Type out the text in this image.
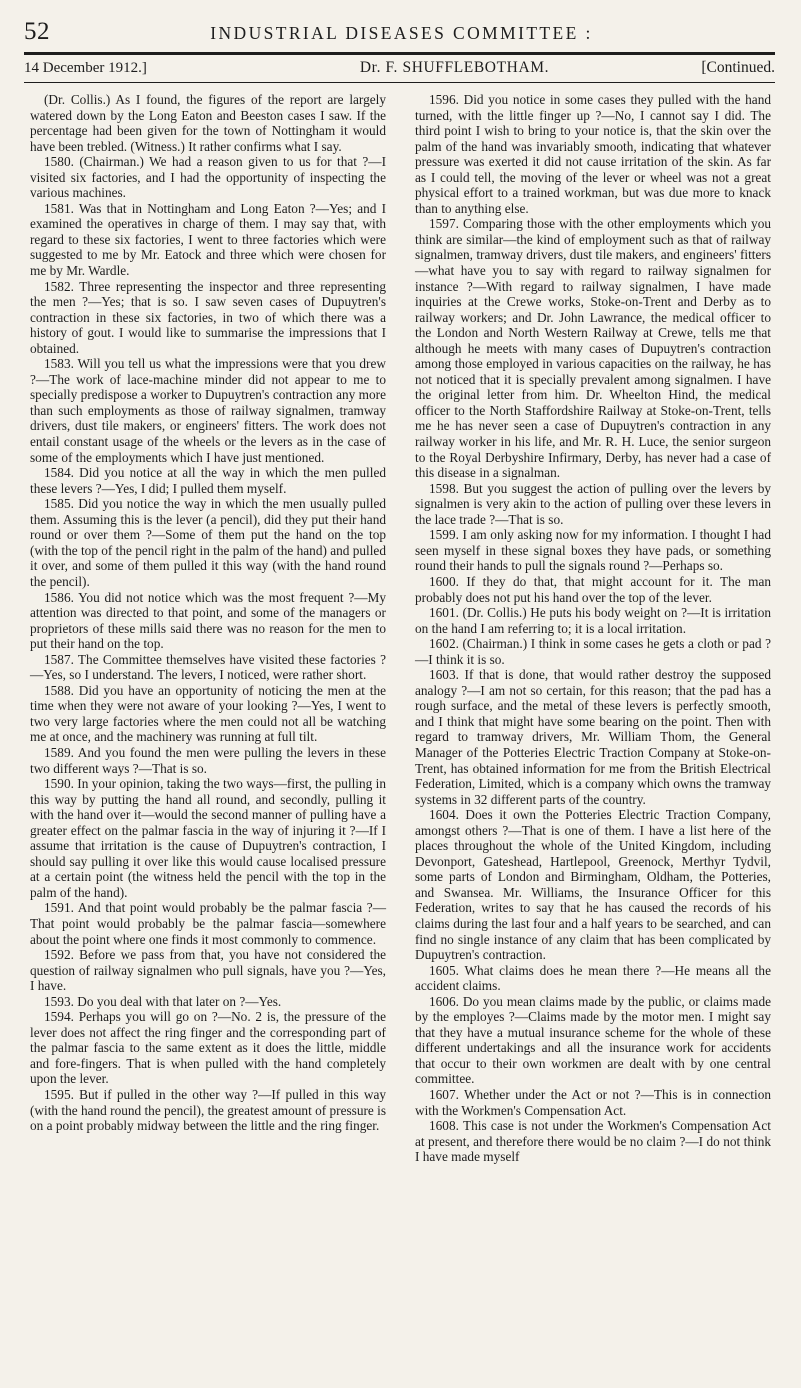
52	INDUSTRIAL DISEASES COMMITTEE :
14 December 1912.]	Dr. F. SHUFFLEBOTHAM.	[Continued.

(Dr. Collis.) As I found, the figures of the report are largely watered down by the Long Eaton and Beeston cases I saw. If the percentage had been given for the town of Nottingham it would have been trebled. (Witness.) It rather confirms what I say.

1580. (Chairman.) We had a reason given to us for that ?—I visited six factories, and I had the opportunity of inspecting the various machines.

1581. Was that in Nottingham and Long Eaton ?—Yes; and I examined the operatives in charge of them. I may say that, with regard to these six factories, I went to three factories which were suggested to me by Mr. Eatock and three which were chosen for me by Mr. Wardle.

1582. Three representing the inspector and three representing the men ?—Yes; that is so. I saw seven cases of Dupuytren's contraction in these six factories, in two of which there was a history of gout. I would like to summarise the impressions that I obtained.

1583. Will you tell us what the impressions were that you drew ?—The work of lace-machine minder did not appear to me to specially predispose a worker to Dupuytren's contraction any more than such employments as those of railway signalmen, tramway drivers, dust tile makers, or engineers' fitters. The work does not entail constant usage of the wheels or the levers as in the case of some of the employments which I have just mentioned.

1584. Did you notice at all the way in which the men pulled these levers ?—Yes, I did; I pulled them myself.

1585. Did you notice the way in which the men usually pulled them. Assuming this is the lever (a pencil), did they put their hand round or over them ?—Some of them put the hand on the top (with the top of the pencil right in the palm of the hand) and pulled it over, and some of them pulled it this way (with the hand round the pencil).

1586. You did not notice which was the most frequent ?—My attention was directed to that point, and some of the managers or proprietors of these mills said there was no reason for the men to put their hand on the top.

1587. The Committee themselves have visited these factories ?—Yes, so I understand. The levers, I noticed, were rather short.

1588. Did you have an opportunity of noticing the men at the time when they were not aware of your looking ?—Yes, I went to two very large factories where the men could not all be watching me at once, and the machinery was running at full tilt.

1589. And you found the men were pulling the levers in these two different ways ?—That is so.

1590. In your opinion, taking the two ways—first, the pulling in this way by putting the hand all round, and secondly, pulling it with the hand over it—would the second manner of pulling have a greater effect on the palmar fascia in the way of injuring it ?—If I assume that irritation is the cause of Dupuytren's contraction, I should say pulling it over like this would cause localised pressure at a certain point (the witness held the pencil with the top in the palm of the hand).

1591. And that point would probably be the palmar fascia ?—That point would probably be the palmar fascia—somewhere about the point where one finds it most commonly to commence.

1592. Before we pass from that, you have not considered the question of railway signalmen who pull signals, have you ?—Yes, I have.

1593. Do you deal with that later on ?—Yes.

1594. Perhaps you will go on ?—No. 2 is, the pressure of the lever does not affect the ring finger and the corresponding part of the palmar fascia to the same extent as it does the little, middle and fore-fingers. That is when pulled with the hand completely upon the lever.

1595. But if pulled in the other way ?—If pulled in this way (with the hand round the pencil), the greatest amount of pressure is on a point probably midway between the little and the ring finger.

1596. Did you notice in some cases they pulled with the hand turned, with the little finger up ?—No, I cannot say I did. The third point I wish to bring to your notice is, that the skin over the palm of the hand was invariably smooth, indicating that whatever pressure was exerted it did not cause irritation of the skin. As far as I could tell, the moving of the lever or wheel was not a great physical effort to a trained workman, but was due more to knack than to anything else.

1597. Comparing those with the other employments which you think are similar—the kind of employment such as that of railway signalmen, tramway drivers, dust tile makers, and engineers' fitters—what have you to say with regard to railway signalmen for instance ?—With regard to railway signalmen, I have made inquiries at the Crewe works, Stoke-on-Trent and Derby as to railway workers; and Dr. John Lawrance, the medical officer to the London and North Western Railway at Crewe, tells me that although he meets with many cases of Dupuytren's contraction among those employed in various capacities on the railway, he has not noticed that it is specially prevalent among signalmen. I have the original letter from him. Dr. Wheelton Hind, the medical officer to the North Staffordshire Railway at Stoke-on-Trent, tells me he has never seen a case of Dupuytren's contraction in any railway worker in his life, and Mr. R. H. Luce, the senior surgeon to the Royal Derbyshire Infirmary, Derby, has never had a case of this disease in a signalman.

1598. But you suggest the action of pulling over the levers by signalmen is very akin to the action of pulling over these levers in the lace trade ?—That is so.

1599. I am only asking now for my information. I thought I had seen myself in these signal boxes they have pads, or something round their hands to pull the signals round ?—Perhaps so.

1600. If they do that, that might account for it. The man probably does not put his hand over the top of the lever.

1601. (Dr. Collis.) He puts his body weight on ?—It is irritation on the hand I am referring to; it is a local irritation.

1602. (Chairman.) I think in some cases he gets a cloth or pad ?—I think it is so.

1603. If that is done, that would rather destroy the supposed analogy ?—I am not so certain, for this reason; that the pad has a rough surface, and the metal of these levers is perfectly smooth, and I think that might have some bearing on the point. Then with regard to tramway drivers, Mr. William Thom, the General Manager of the Potteries Electric Traction Company at Stoke-on-Trent, has obtained information for me from the British Electrical Federation, Limited, which is a company which owns the tramway systems in 32 different parts of the country.

1604. Does it own the Potteries Electric Traction Company, amongst others ?—That is one of them. I have a list here of the places throughout the whole of the United Kingdom, including Devonport, Gateshead, Hartlepool, Greenock, Merthyr Tydvil, some parts of London and Birmingham, Oldham, the Potteries, and Swansea. Mr. Williams, the Insurance Officer for this Federation, writes to say that he has caused the records of his claims during the last four and a half years to be searched, and can find no single instance of any claim that has been complicated by Dupuytren's contraction.

1605. What claims does he mean there ?—He means all the accident claims.

1606. Do you mean claims made by the public, or claims made by the employes ?—Claims made by the motor men. I might say that they have a mutual insurance scheme for the whole of these different undertakings and all the insurance work for accidents that occur to their own workmen are dealt with by one central committee.

1607. Whether under the Act or not ?—This is in connection with the Workmen's Compensation Act.

1608. This case is not under the Workmen's Compensation Act at present, and therefore there would be no claim ?—I do not think I have made myself
